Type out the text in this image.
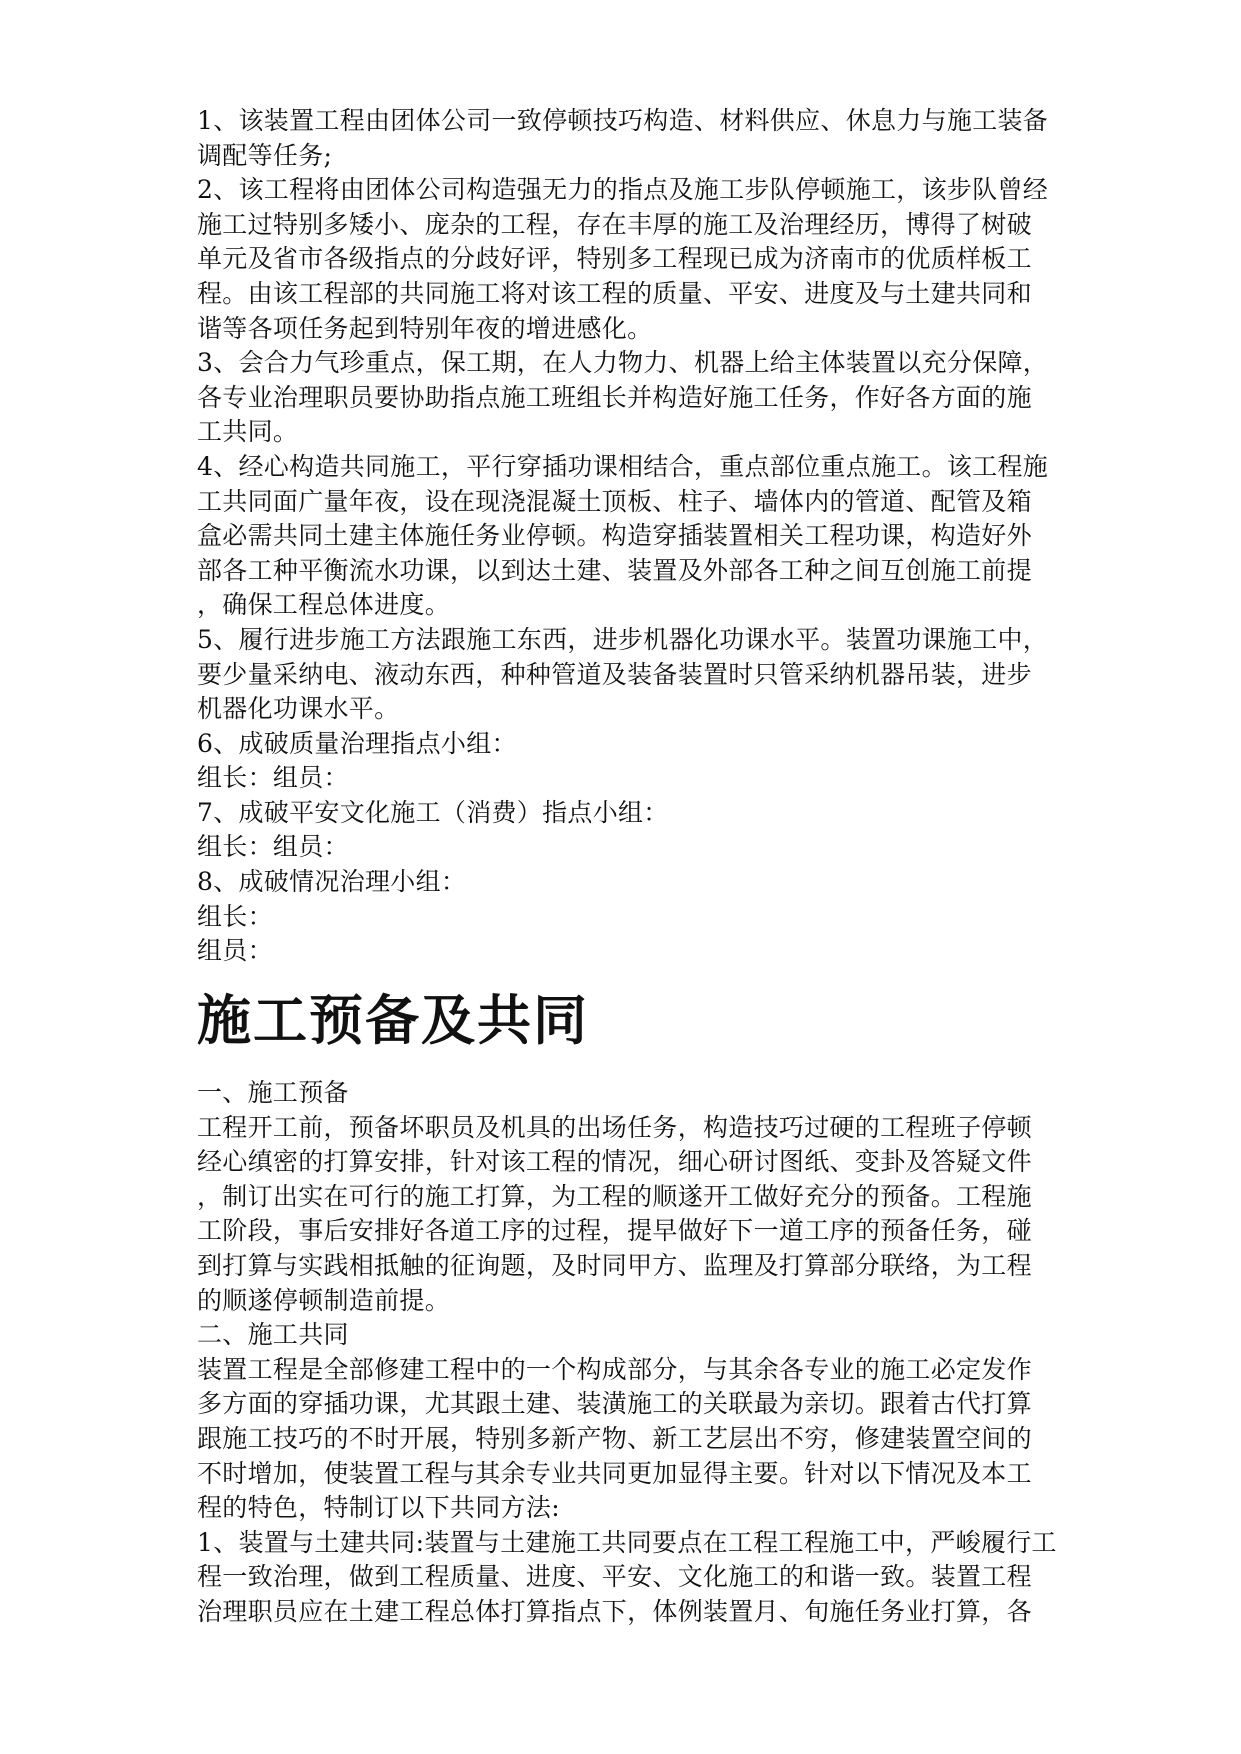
1、该装置工程由团体公司一致停顿技巧构造、材料供应、休息力与施工装备
调配等任务;
2、该工程将由团体公司构造强无力的指点及施工步队停顿施工，该步队曾经
施工过特别多矮小、庞杂的工程，存在丰厚的施工及治理经历，博得了树破
单元及省市各级指点的分歧好评，特别多工程现已成为济南市的优质样板工
程。由该工程部的共同施工将对该工程的质量、平安、进度及与土建共同和
谐等各项任务起到特别年夜的增进感化。
3、会合力气珍重点，保工期，在人力物力、机器上给主体装置以充分保障，
各专业治理职员要协助指点施工班组长并构造好施工任务，作好各方面的施
工共同。
4、经心构造共同施工，平行穿插功课相结合，重点部位重点施工。该工程施
工共同面广量年夜，设在现浇混凝土顶板、柱子、墙体内的管道、配管及箱
盒必需共同土建主体施任务业停顿。构造穿插装置相关工程功课，构造好外
部各工种平衡流水功课，以到达土建、装置及外部各工种之间互创施工前提
，确保工程总体进度。
5、履行进步施工方法跟施工东西，进步机器化功课水平。装置功课施工中，
要少量采纳电、液动东西，种种管道及装备装置时只管采纳机器吊装，进步
机器化功课水平。
6、成破质量治理指点小组：
组长：组员：
7、成破平安文化施工（消费）指点小组：
组长：组员：
8、成破情况治理小组：
组长：
组员：
施工预备及共同
一、施工预备
工程开工前，预备坏职员及机具的出场任务，构造技巧过硬的工程班子停顿
经心缜密的打算安排，针对该工程的情况，细心研讨图纸、变卦及答疑文件
，制订出实在可行的施工打算，为工程的顺遂开工做好充分的预备。工程施
工阶段，事后安排好各道工序的过程，提早做好下一道工序的预备任务，碰
到打算与实践相抵触的征询题，及时同甲方、监理及打算部分联络，为工程
的顺遂停顿制造前提。
二、施工共同
装置工程是全部修建工程中的一个构成部分，与其余各专业的施工必定发作
多方面的穿插功课，尤其跟土建、装潢施工的关联最为亲切。跟着古代打算
跟施工技巧的不时开展，特别多新产物、新工艺层出不穷，修建装置空间的
不时增加，使装置工程与其余专业共同更加显得主要。针对以下情况及本工
程的特色，特制订以下共同方法:
1、装置与土建共同:装置与土建施工共同要点在工程工程施工中，严峻履行工
程一致治理，做到工程质量、进度、平安、文化施工的和谐一致。装置工程
治理职员应在土建工程总体打算指点下，体例装置月、旬施任务业打算，各
